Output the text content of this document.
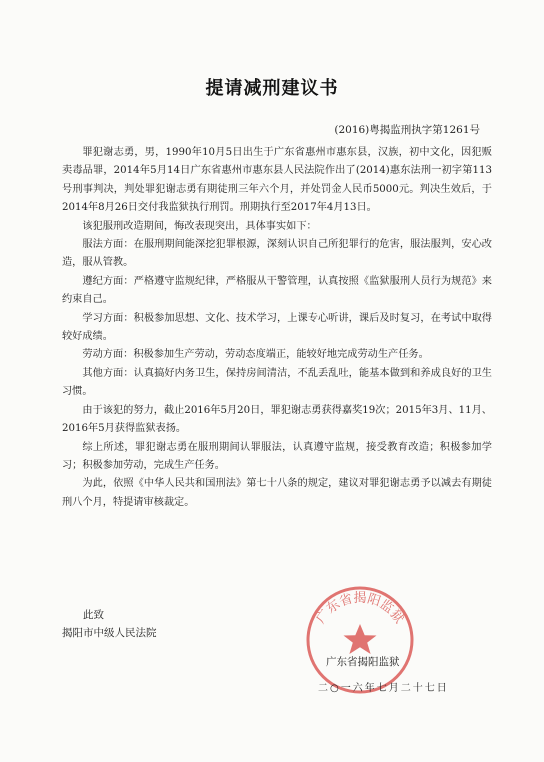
提请减刑建议书
(2016)粤揭监刑执字第1261号

罪犯谢志勇，男，1990年10月5日出生于广东省惠州市惠东县，汉族，初中文化，因犯贩卖毒品罪，2014年5月14日广东省惠州市惠东县人民法院作出了(2014)惠东法刑一初字第113号刑事判决，判处罪犯谢志勇有期徒刑三年六个月，并处罚金人民币5000元。判决生效后，于2014年8月26日交付我监狱执行刑罚。刑期执行至2017年4月13日。

该犯服刑改造期间，悔改表现突出，具体事实如下：

服法方面：在服刑期间能深挖犯罪根源，深刻认识自己所犯罪行的危害，服法服判，安心改造，服从管教。

遵纪方面：严格遵守监规纪律，严格服从干警管理，认真按照《监狱服刑人员行为规范》来约束自己。

学习方面：积极参加思想、文化、技术学习，上课专心听讲，课后及时复习，在考试中取得较好成绩。

劳动方面：积极参加生产劳动，劳动态度端正，能较好地完成劳动生产任务。

其他方面：认真搞好内务卫生，保持房间清洁，不乱丢乱吐，能基本做到和养成良好的卫生习惯。

由于该犯的努力，截止2016年5月20日，罪犯谢志勇获得嘉奖19次；2015年3月、11月、2016年5月获得监狱表扬。

综上所述，罪犯谢志勇在服刑期间认罪服法，认真遵守监规，接受教育改造；积极参加学习；积极参加劳动，完成生产任务。

为此，依照《中华人民共和国刑法》第七十八条的规定，建议对罪犯谢志勇予以减去有期徒刑八个月，特提请审核裁定。

此致
揭阳市中级人民法院
广东省揭阳监狱
广东省揭阳监狱
二○一六年七月二十七日
